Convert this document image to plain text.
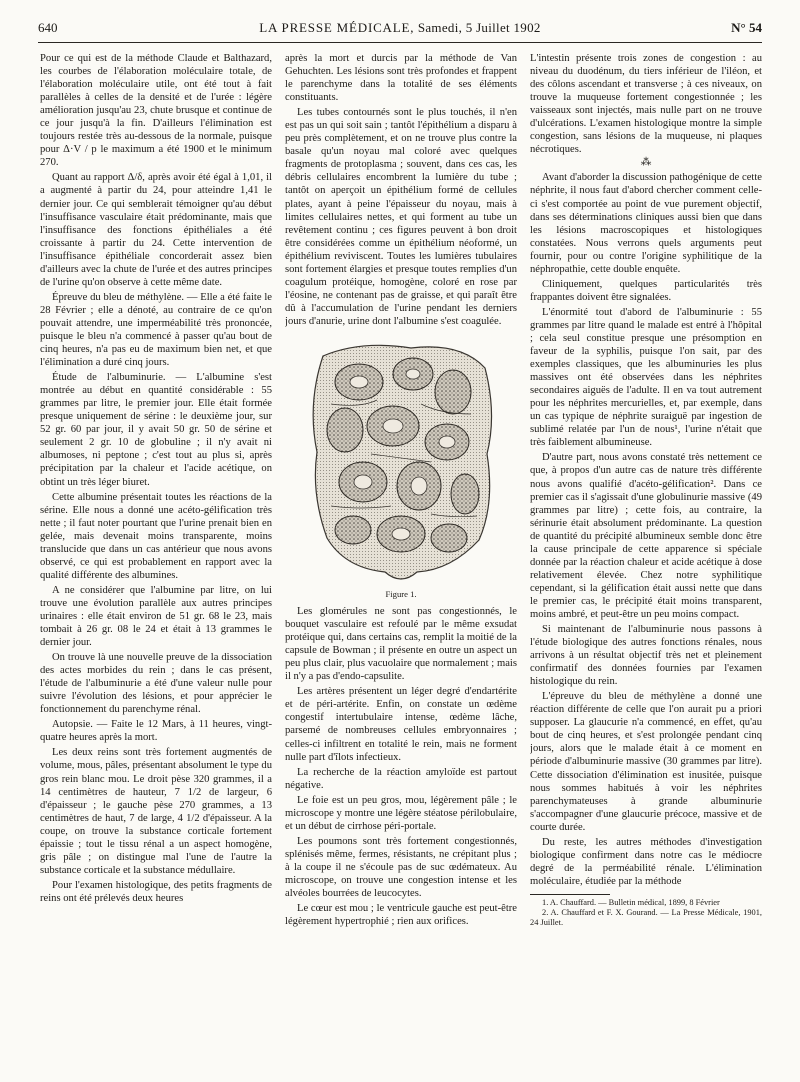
640	LA PRESSE MÉDICALE, Samedi, 5 Juillet 1902	N° 54

Pour ce qui est de la méthode Claude et Balthazard, les courbes de l'élaboration moléculaire totale, de l'élaboration moléculaire utile, ont été tout à fait parallèles à celles de la densité et de l'urée : légère amélioration jusqu'au 23, chute brusque et continue de ce jour jusqu'à la fin. D'ailleurs l'élimination est toujours restée très au-dessous de la normale, puisque pour Δ·V / p le maximum a été 1900 et le minimum 270.

Quant au rapport Δ/δ, après avoir été égal à 1,01, il a augmenté à partir du 24, pour atteindre 1,41 le dernier jour. Ce qui semblerait témoigner qu'au début l'insuffisance vasculaire était prédominante, mais que l'insuffisance des fonctions épithéliales a été croissante à partir du 24. Cette intervention de l'insuffisance épithéliale concorderait assez bien d'ailleurs avec la chute de l'urée et des autres principes de l'urine qu'on observe à cette même date.

Épreuve du bleu de méthylène. — Elle a été faite le 28 Février ; elle a dénoté, au contraire de ce qu'on pouvait attendre, une imperméabilité très prononcée, puisque le bleu n'a commencé à passer qu'au bout de cinq heures, n'a pas eu de maximum bien net, et que l'élimination a duré cinq jours.

Étude de l'albuminurie. — L'albumine s'est montrée au début en quantité considérable : 55 grammes par litre, le premier jour. Elle était formée presque uniquement de sérine : le deuxième jour, sur 52 gr. 60 par jour, il y avait 50 gr. 50 de sérine et seulement 2 gr. 10 de globuline ; il n'y avait ni albumoses, ni peptone ; c'est tout au plus si, après précipitation par la chaleur et l'acide acétique, on obtint un très léger biuret.

Cette albumine présentait toutes les réactions de la sérine. Elle nous a donné une acéto-gélification très nette ; il faut noter pourtant que l'urine prenait bien en gelée, mais devenait moins transparente, moins translucide que dans un cas antérieur que nous avons observé, ce qui est probablement en rapport avec la qualité différente des albumines.

A ne considérer que l'albumine par litre, on lui trouve une évolution parallèle aux autres principes urinaires : elle était environ de 51 gr. 68 le 23, mais tombait à 26 gr. 08 le 24 et était à 13 grammes le dernier jour.

On trouve là une nouvelle preuve de la dissociation des actes morbides du rein ; dans le cas présent, l'étude de l'albuminurie a été d'une valeur nulle pour suivre l'évolution des lésions, et pour apprécier le fonctionnement du parenchyme rénal.

Autopsie. — Faite le 12 Mars, à 11 heures, vingt-quatre heures après la mort.

Les deux reins sont très fortement augmentés de volume, mous, pâles, présentant absolument le type du gros rein blanc mou. Le droit pèse 320 grammes, il a 14 centimètres de hauteur, 7 1/2 de largeur, 6 d'épaisseur ; le gauche pèse 270 grammes, a 13 centimètres de haut, 7 de large, 4 1/2 d'épaisseur. A la coupe, on trouve la substance corticale fortement épaissie ; tout le tissu rénal a un aspect homogène, gris pâle ; on distingue mal l'une de l'autre la substance corticale et la substance médullaire.

Pour l'examen histologique, des petits fragments de reins ont été prélevés deux heures

après la mort et durcis par la méthode de Van Gehuchten. Les lésions sont très profondes et frappent le parenchyme dans la totalité de ses éléments constituants.

Les tubes contournés sont le plus touchés, il n'en est pas un qui soit sain ; tantôt l'épithélium a disparu à peu près complètement, et on ne trouve plus contre la basale qu'un noyau mal coloré avec quelques fragments de protoplasma ; souvent, dans ces cas, les débris cellulaires encombrent la lumière du tube ; tantôt on aperçoit un épithélium formé de cellules plates, ayant à peine l'épaisseur du noyau, mais à limites cellulaires nettes, et qui forment au tube un revêtement continu ; ces figures peuvent à bon droit être considérées comme un épithélium néoformé, un épithélium reviviscent. Toutes les lumières tubulaires sont fortement élargies et presque toutes remplies d'un coagulum protéique, homogène, coloré en rose par l'éosine, ne contenant pas de graisse, et qui paraît être dû à l'accumulation de l'urine pendant les derniers jours d'anurie, urine dont l'albumine s'est coagulée.

Figure 1.

Les glomérules ne sont pas congestionnés, le bouquet vasculaire est refoulé par le même exsudat protéique qui, dans certains cas, remplit la moitié de la capsule de Bowman ; il présente en outre un aspect un peu plus clair, plus vacuolaire que normalement ; mais il n'y a pas d'endo-capsulite.

Les artères présentent un léger degré d'endartérite et de péri-artérite. Enfin, on constate un œdème congestif intertubulaire intense, œdème lâche, parsemé de nombreuses cellules embryonnaires ; celles-ci infiltrent en totalité le rein, mais ne forment nulle part d'îlots infectieux.

La recherche de la réaction amyloïde est partout négative.

Le foie est un peu gros, mou, légèrement pâle ; le microscope y montre une légère stéatose périlobulaire, et un début de cirrhose péri-portale.

Les poumons sont très fortement congestionnés, splénisés même, fermes, résistants, ne crépitant plus ; à la coupe il ne s'écoule pas de suc œdémateux. Au microscope, on trouve une congestion intense et les alvéoles bourrées de leucocytes.

Le cœur est mou ; le ventricule gauche est peut-être légèrement hypertrophié ; rien aux orifices.

L'intestin présente trois zones de congestion : au niveau du duodénum, du tiers inférieur de l'iléon, et des côlons ascendant et transverse ; à ces niveaux, on trouve la muqueuse fortement congestionnée ; les vaisseaux sont injectés, mais nulle part on ne trouve d'ulcérations. L'examen histologique montre la simple congestion, sans lésions de la muqueuse, ni plaques nécrotiques.

⁂

Avant d'aborder la discussion pathogénique de cette néphrite, il nous faut d'abord chercher comment celle-ci s'est comportée au point de vue purement objectif, dans ses déterminations cliniques aussi bien que dans les lésions macroscopiques et histologiques constatées. Nous verrons quels arguments peut fournir, pour ou contre l'origine syphilitique de la néphropathie, cette double enquête.

Cliniquement, quelques particularités très frappantes doivent être signalées.

L'énormité tout d'abord de l'albuminurie : 55 grammes par litre quand le malade est entré à l'hôpital ; cela seul constitue presque une présomption en faveur de la syphilis, puisque l'on sait, par des exemples classiques, que les albuminuries les plus massives ont été observées dans les néphrites secondaires aiguës de l'adulte. Il en va tout autrement pour les néphrites mercurielles, et, par exemple, dans un cas typique de néphrite suraiguë par ingestion de sublimé relatée par l'un de nous¹, l'urine n'était que très faiblement albumineuse.

D'autre part, nous avons constaté très nettement ce que, à propos d'un autre cas de nature très différente nous avons qualifié d'acéto-gélification². Dans ce premier cas il s'agissait d'une globulinurie massive (49 grammes par litre) ; cette fois, au contraire, la sérinurie était absolument prédominante. La question de quantité du précipité albumineux semble donc être la cause principale de cette apparence si spéciale donnée par la réaction chaleur et acide acétique à dose relativement élevée. Chez notre syphilitique cependant, si la gélification était aussi nette que dans le premier cas, le précipité était moins transparent, moins ambré, et peut-être un peu moins compact.

Si maintenant de l'albuminurie nous passons à l'étude biologique des autres fonctions rénales, nous arrivons à un résultat objectif très net et pleinement confirmatif des données fournies par l'examen histologique du rein.

L'épreuve du bleu de méthylène a donné une réaction différente de celle que l'on aurait pu a priori supposer. La glaucurie n'a commencé, en effet, qu'au bout de cinq heures, et s'est prolongée pendant cinq jours, alors que le malade était à ce moment en période d'albuminurie massive (30 grammes par litre). Cette dissociation d'élimination est inusitée, puisque nous sommes habitués à voir les néphrites parenchymateuses à grande albuminurie s'accompagner d'une glaucurie précoce, massive et de courte durée.

Du reste, les autres méthodes d'investigation biologique confirment dans notre cas le médiocre degré de la perméabilité rénale. L'élimination moléculaire, étudiée par la méthode

1. A. Chauffard. — Bulletin médical, 1899, 8 Février

2. A. Chauffard et F. X. Gourand. — La Presse Médicale, 1901, 24 Juillet.
